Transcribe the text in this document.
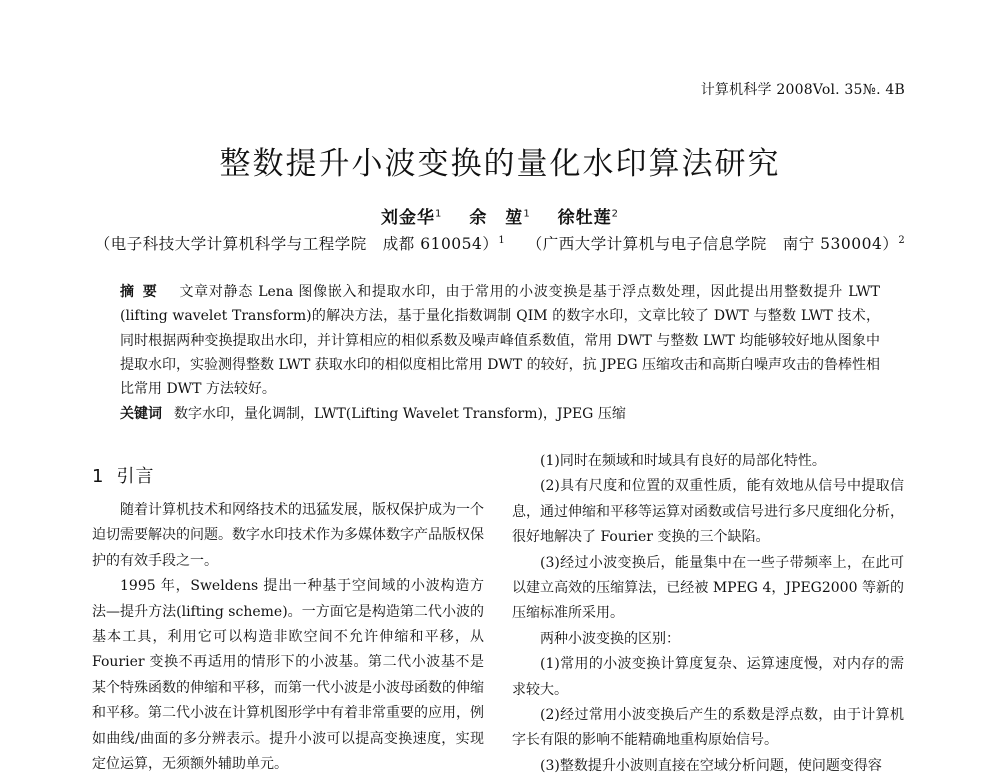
计算机科学 2008Vol. 35№. 4B
整数提升小波变换的量化水印算法研究
刘金华$^1$ 余　堃$^1$ 徐牡莲$^2$
（电子科技大学计算机科学与工程学院　成都 610054）$^1$ （广西大学计算机与电子信息学院　南宁 530004）$^2$
摘要 文章对静态 Lena 图像嵌入和提取水印，由于常用的小波变换是基于浮点数处理，因此提出用整数提升 LWT (lifting wavelet Transform)的解决方法，基于量化指数调制 QIM 的数字水印，文章比较了 DWT 与整数 LWT 技术，同时根据两种变换提取出水印，并计算相应的相似系数及噪声峰值系数值，常用 DWT 与整数 LWT 均能够较好地从图象中提取水印，实验测得整数 LWT 获取水印的相似度相比常用 DWT 的较好，抗 JPEG 压缩攻击和高斯白噪声攻击的鲁棒性相比常用 DWT 方法较好。
关键词 数字水印，量化调制，LWT(Lifting Wavelet Transform)，JPEG 压缩
1 引言

随着计算机技术和网络技术的迅猛发展，版权保护成为一个迫切需要解决的问题。数字水印技术作为多媒体数字产品版权保护的有效手段之一。

1995 年，Sweldens 提出一种基于空间域的小波构造方法—提升方法(lifting scheme)。一方面它是构造第二代小波的基本工具，利用它可以构造非欧空间不允许伸缩和平移，从 Fourier 变换不再适用的情形下的小波基。第二代小波基不是某个特殊函数的伸缩和平移，而第一代小波是小波母函数的伸缩和平移。第二代小波在计算机图形学中有着非常重要的应用，例如曲线/曲面的多分辨表示。提升小波可以提高变换速度，实现定位运算，无须额外辅助单元。

(1)同时在频域和时域具有良好的局部化特性。

(2)具有尺度和位置的双重性质，能有效地从信号中提取信息，通过伸缩和平移等运算对函数或信号进行多尺度细化分析，很好地解决了 Fourier 变换的三个缺陷。

(3)经过小波变换后，能量集中在一些子带频率上，在此可以建立高效的压缩算法，已经被 MPEG 4，JPEG2000 等新的压缩标准所采用。

两种小波变换的区别：

(1)常用的小波变换计算度复杂、运算速度慢，对内存的需求较大。

(2)经过常用小波变换后产生的系数是浮点数，由于计算机字长有限的影响不能精确地重构原始信号。

(3)整数提升小波则直接在空域分析问题，使问题变得容
